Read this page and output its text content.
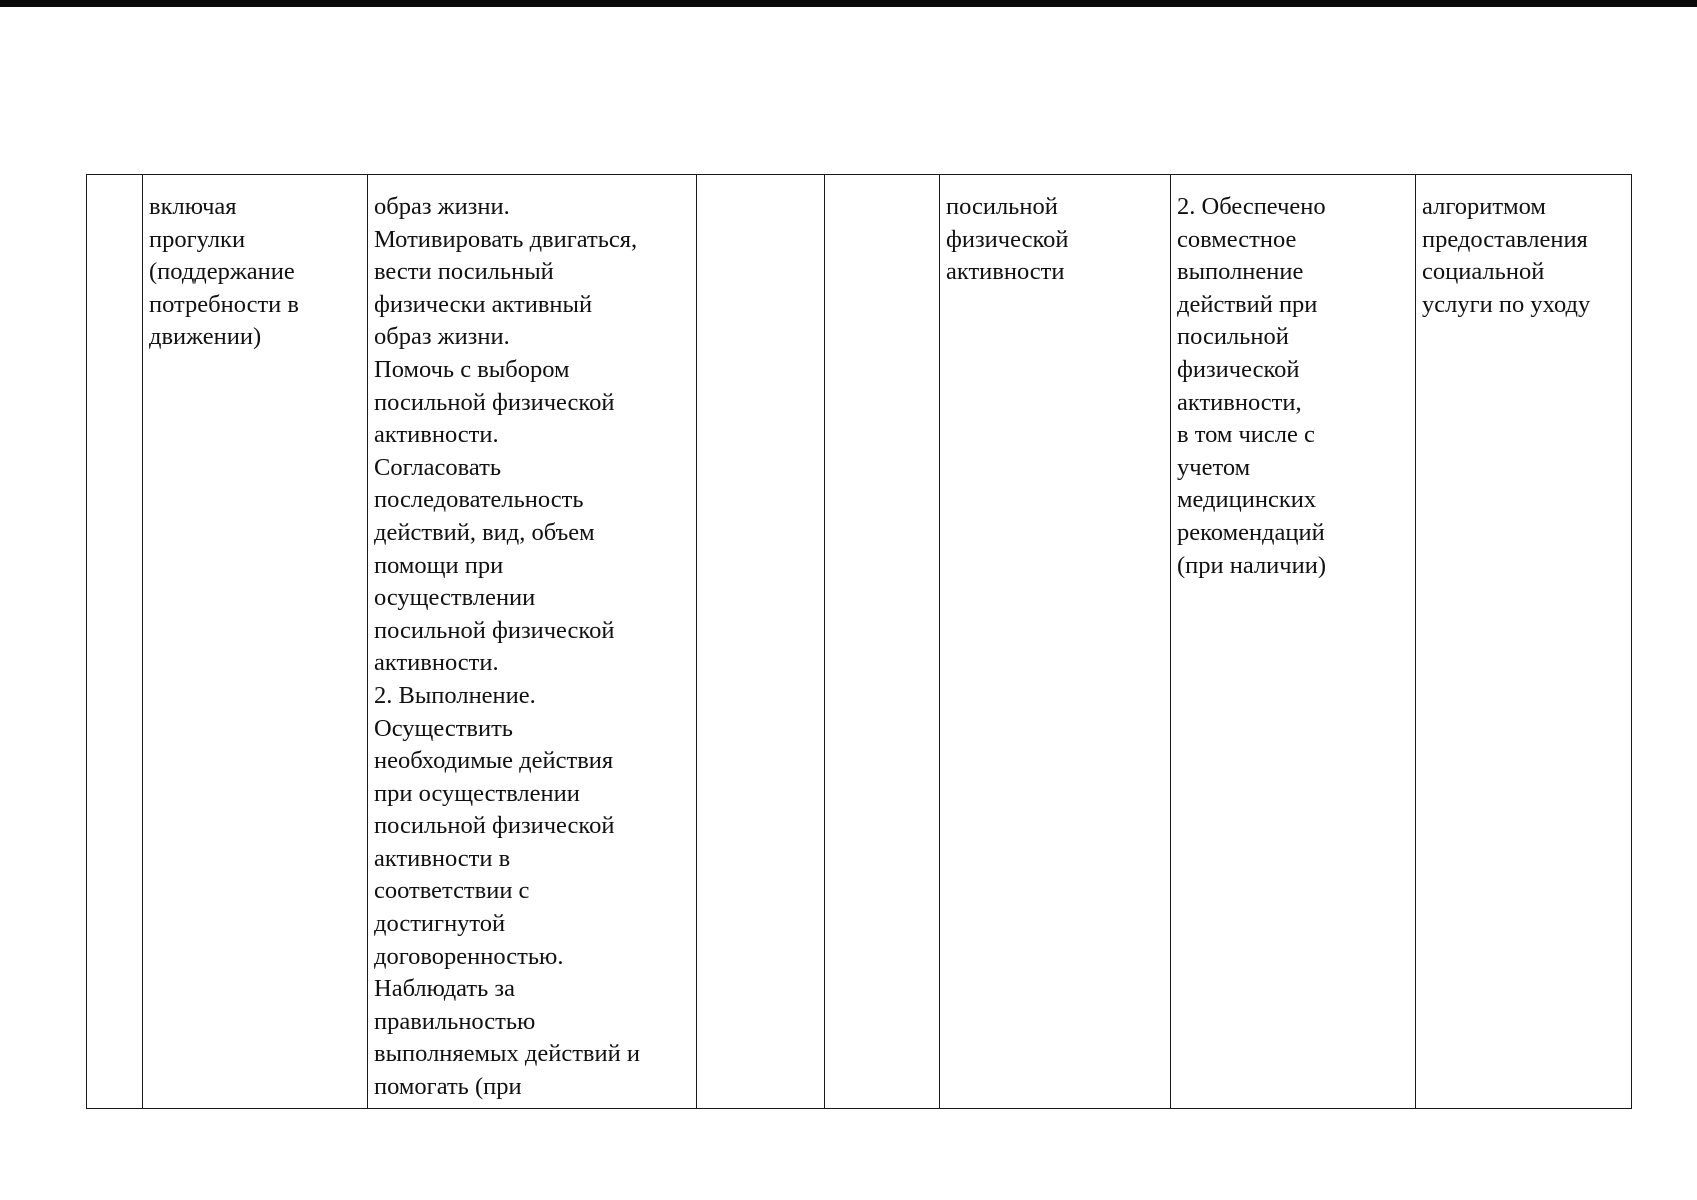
	включая
прогулки
(поддержание
потребности в
движении)	образ жизни.
Мотивировать двигаться,
вести посильный
физически активный
образ жизни.
Помочь с выбором
посильной физической
активности.
Согласовать
последовательность
действий, вид, объем
помощи при
осуществлении
посильной физической
активности.
2. Выполнение.
Осуществить
необходимые действия
при осуществлении
посильной физической
активности в
соответствии с
достигнутой
договоренностью.
Наблюдать за
правильностью
выполняемых действий и
помогать (при			посильной
физической
активности	2. Обеспечено
совместное
выполнение
действий при
посильной
физической
активности,
в том числе с
учетом
медицинских
рекомендаций
(при наличии)	алгоритмом
предоставления
социальной
услуги по уходу
